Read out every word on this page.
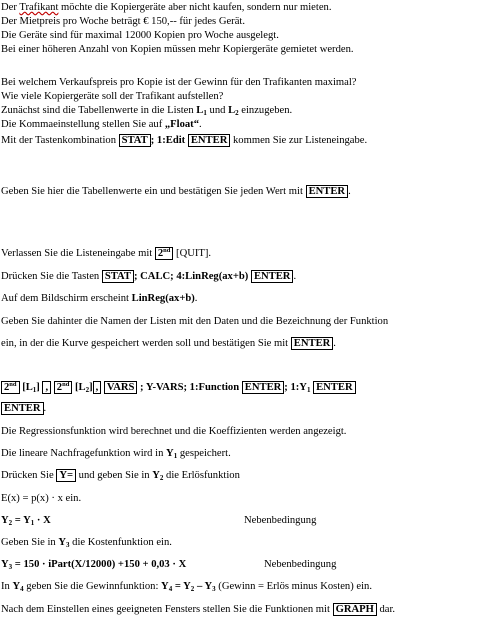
Der Trafikant möchte die Kopiergeräte aber nicht kaufen, sondern nur mieten.
Der Mietpreis pro Woche beträgt € 150,-- für jedes Gerät.
Die Geräte sind für maximal 12000 Kopien pro Woche ausgelegt.
Bei einer höheren Anzahl von Kopien müssen mehr Kopiergeräte gemietet werden.
Bei welchem Verkaufspreis pro Kopie ist der Gewinn für den Trafikanten maximal?
Wie viele Kopiergeräte soll der Trafikant aufstellen?
Zunächst sind die Tabellenwerte in die Listen $L_1$ und $L_2$ einzugeben.
Die Kommaeinstellung stellen Sie auf „Float“.
Mit der Tastenkombination STAT ; 1:Edit ENTER kommen Sie zur Listeneingabe.
Geben Sie hier die Tabellenwerte ein und bestätigen Sie jeden Wert mit ENTER .
Verlassen Sie die Listeneingabe mit 2nd [QUIT].
Drücken Sie die Tasten STAT ; CALC; 4:LinReg(ax+b) ENTER .
Auf dem Bildschirm erscheint LinReg(ax+b).
Geben Sie dahinter die Namen der Listen mit den Daten und die Bezeichnung der Funktion
ein, in der die Kurve gespeichert werden soll und bestätigen Sie mit ENTER .
2nd $[L_1]$ , 2nd $[L_2]$ , VARS ; Y-VARS; 1:Function ENTER ; $1:Y_1$ ENTER
ENTER .
Die Regressionsfunktion wird berechnet und die Koeffizienten werden angezeigt.
Die lineare Nachfragefunktion wird in $Y_1$ gespeichert.
Drücken Sie Y= und geben Sie in $Y_2$ die Erlösfunktion
E(x) = p(x) · x ein.
$Y_2 = Y_1 \cdot X$	Nebenbedingung
Geben Sie in $Y_3$ die Kostenfunktion ein.
$Y_3 = 150$ · iPart(X/12000) +150 + 0,03 · X	Nebenbedingung
In $Y_4$ geben Sie die Gewinnfunktion: $Y_4 = Y_2 - Y_3$ (Gewinn = Erlös minus Kosten) ein.
Nach dem Einstellen eines geeigneten Fensters stellen Sie die Funktionen mit GRAPH dar.
